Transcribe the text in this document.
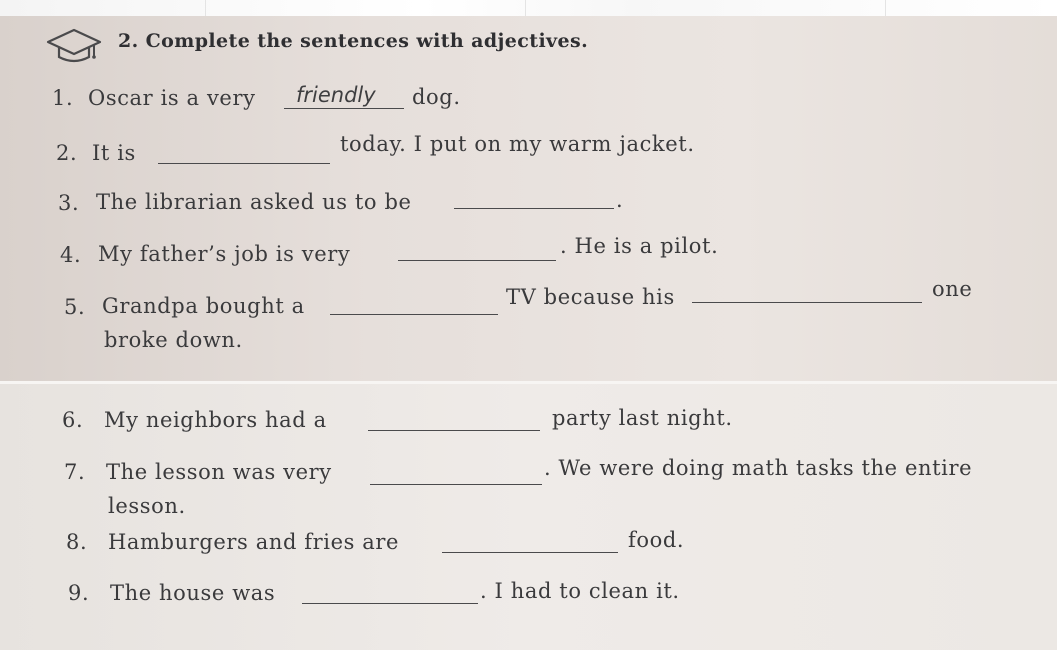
2. Complete the sentences with adjectives.
1. Oscar is a very friendly dog.
2. It is	today. I put on my warm jacket.
3. The librarian asked us to be	.
4. My father’s job is very	. He is a pilot.
5. Grandpa bought a	TV because his	one
broke down.
6. My neighbors had a	party last night.
7. The lesson was very	. We were doing math tasks the entire
lesson.
8. Hamburgers and fries are	food.
9. The house was	. I had to clean it.
